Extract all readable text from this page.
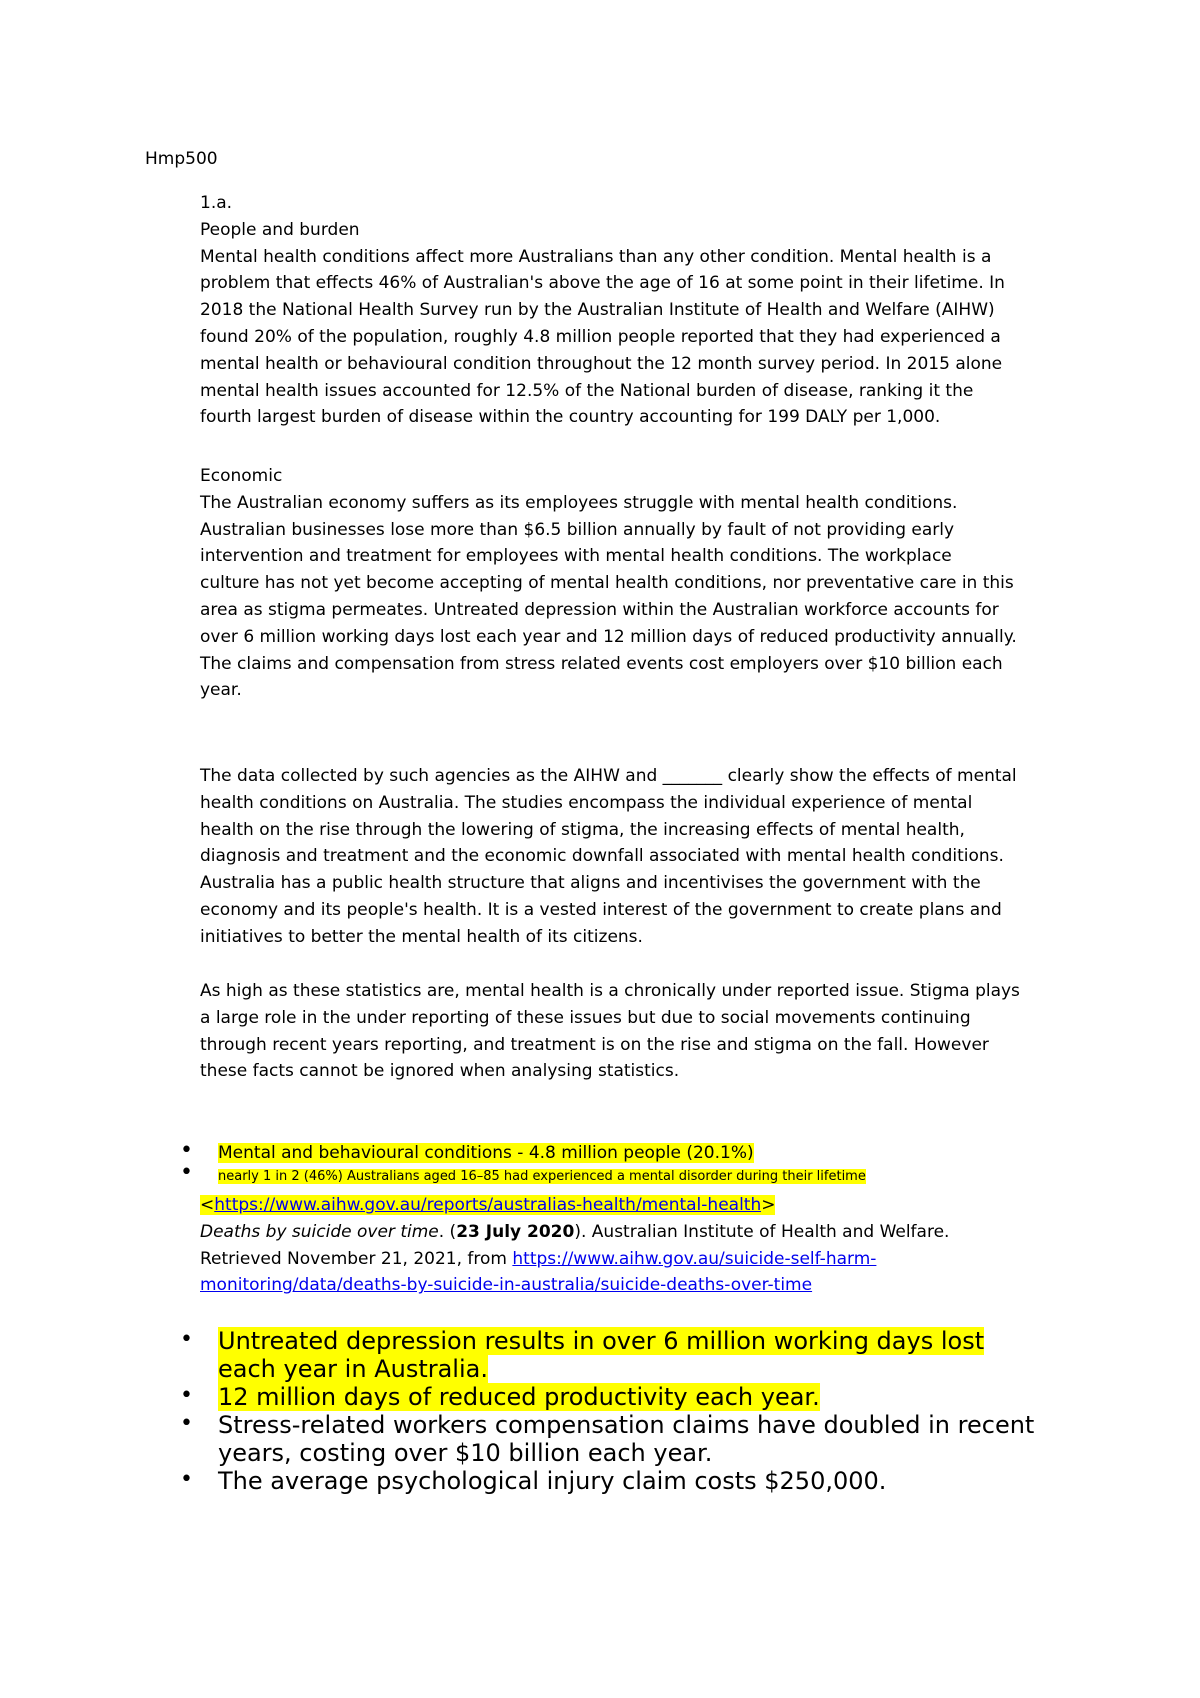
Hmp500

1.a.

People and burden

Mental health conditions affect more Australians than any other condition. Mental health is a

problem that effects 46% of Australian's above the age of 16 at some point in their lifetime. In

2018 the National Health Survey run by the Australian Institute of Health and Welfare (AIHW)

found 20% of the population, roughly 4.8 million people reported that they had experienced a

mental health or behavioural condition throughout the 12 month survey period. In 2015 alone

mental health issues accounted for 12.5% of the National burden of disease, ranking it the

fourth largest burden of disease within the country accounting for 199 DALY per 1,000.

Economic

The Australian economy suffers as its employees struggle with mental health conditions.

Australian businesses lose more than $6.5 billion annually by fault of not providing early

intervention and treatment for employees with mental health conditions. The workplace

culture has not yet become accepting of mental health conditions, nor preventative care in this

area as stigma permeates. Untreated depression within the Australian workforce accounts for

over 6 million working days lost each year and 12 million days of reduced productivity annually.

The claims and compensation from stress related events cost employers over $10 billion each

year.

The data collected by such agencies as the AIHW and _______ clearly show the effects of mental

health conditions on Australia. The studies encompass the individual experience of mental

health on the rise through the lowering of stigma, the increasing effects of mental health,

diagnosis and treatment and the economic downfall associated with mental health conditions.

Australia has a public health structure that aligns and incentivises the government with the

economy and its people's health. It is a vested interest of the government to create plans and

initiatives to better the mental health of its citizens.

As high as these statistics are, mental health is a chronically under reported issue. Stigma plays

a large role in the under reporting of these issues but due to social movements continuing

through recent years reporting, and treatment is on the rise and stigma on the fall. However

these facts cannot be ignored when analysing statistics.

• Mental and behavioural conditions - 4.8 million people (20.1%)
• nearly 1 in 2 (46%) Australians aged 16–85 had experienced a mental disorder during their lifetime

<https://www.aihw.gov.au/reports/australias-health/mental-health>

Deaths by suicide over time. (23 July 2020). Australian Institute of Health and Welfare.

Retrieved November 21, 2021, from https://www.aihw.gov.au/suicide-self-harm-

monitoring/data/deaths-by-suicide-in-australia/suicide-deaths-over-time

• Untreated depression results in over 6 million working days lost
each year in Australia.
• 12 million days of reduced productivity each year.
• Stress-related workers compensation claims have doubled in recent
years, costing over $10 billion each year.
• The average psychological injury claim costs $250,000.
